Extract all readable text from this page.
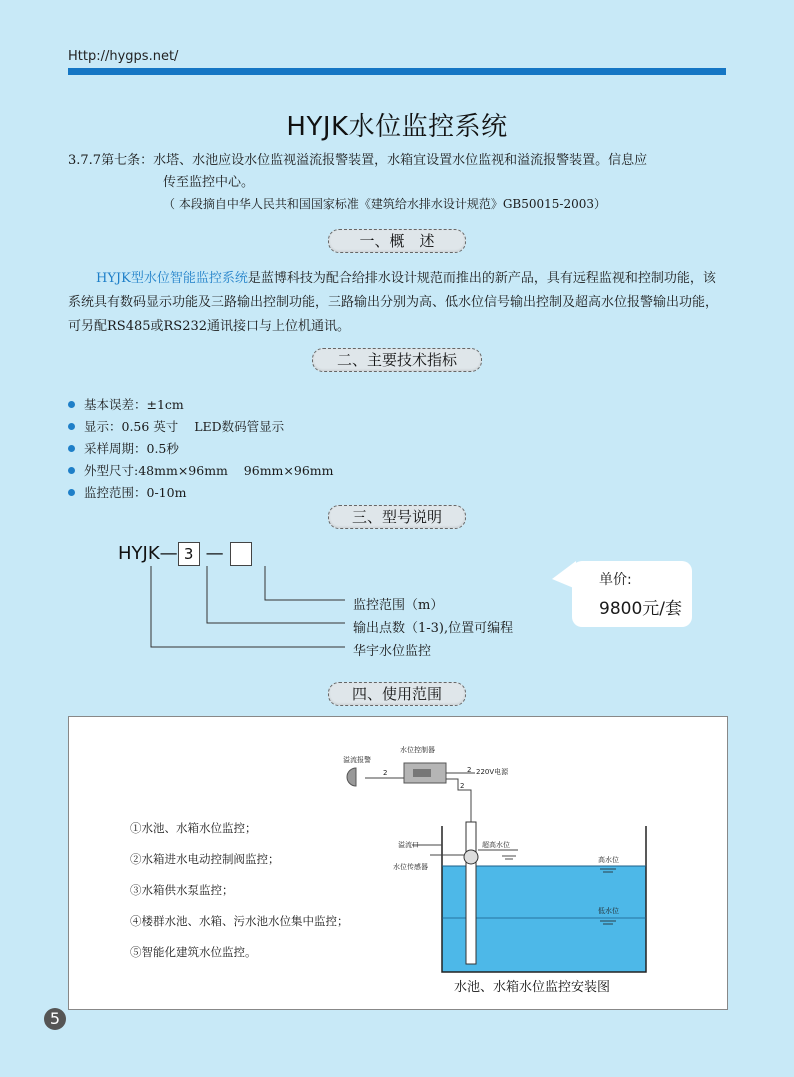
Http://hygps.net/
HYJK水位监控系统
3.7.7第七条：水塔、水池应设水位监视溢流报警装置，水箱宜设置水位监视和溢流报警装置。信息应
传至监控中心。
（ 本段摘自中华人民共和国国家标准《建筑给水排水设计规范》GB50015-2003）
一、概　述
HYJK型水位智能监控系统是蓝博科技为配合给排水设计规范而推出的新产品，具有远程监视和控制功能，该系统具有数码显示功能及三路输出控制功能，三路输出分别为高、低水位信号输出控制及超高水位报警输出功能，可另配RS485或RS232通讯接口与上位机通讯。
二、主要技术指标
基本误差：±1cm
显示：0.56 英寸    LED数码管显示
采样周期：0.5秒
外型尺寸:48mm×96mm    96mm×96mm
监控范围：0-10m
三、型号说明
HYJK— 3 —
监控范围（m）
输出点数（1-3),位置可编程
华宇水位监控
单价:
9800元/套
四、使用范围
①水池、水箱水位监控；
②水箱进水电动控制阀监控；
③水箱供水泵监控；
④楼群水池、水箱、污水池水位集中监控；
⑤智能化建筑水位监控。
水位控制器
溢流报警
220V电源
2	2
2
溢流口	超高水位
水位传感器
高水位
低水位
水池、水箱水位监控安装图
5
